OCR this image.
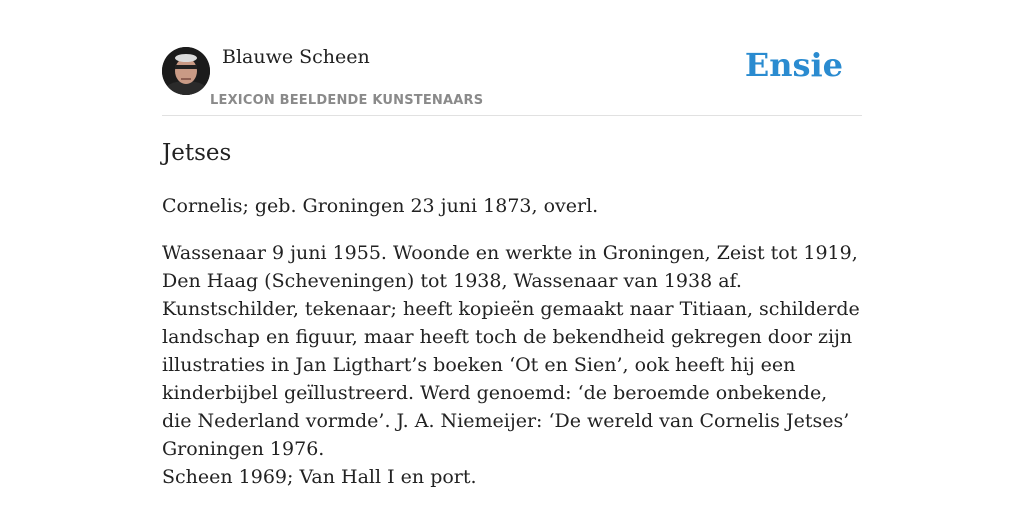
Blauwe Scheen
LEXICON BEELDENDE KUNSTENAARS
Ensie
Jetses

Cornelis; geb. Groningen 23 juni 1873, overl.

Wassenaar 9 juni 1955. Woonde en werkte in Groningen, Zeist tot 1919, Den Haag (Scheveningen) tot 1938, Wassenaar van 1938 af. Kunstschilder, tekenaar; heeft kopieën gemaakt naar Titiaan, schilderde landschap en figuur, maar heeft toch de bekendheid gekregen door zijn illustraties in Jan Ligthart’s boeken ‘Ot en Sien’, ook heeft hij een kinderbijbel geïllustreerd. Werd genoemd: ‘de beroemde onbekende, die Nederland vormde’. J. A. Niemeijer: ‘De wereld van Cornelis Jetses’ Groningen 1976.

Scheen 1969; Van Hall I en port.
